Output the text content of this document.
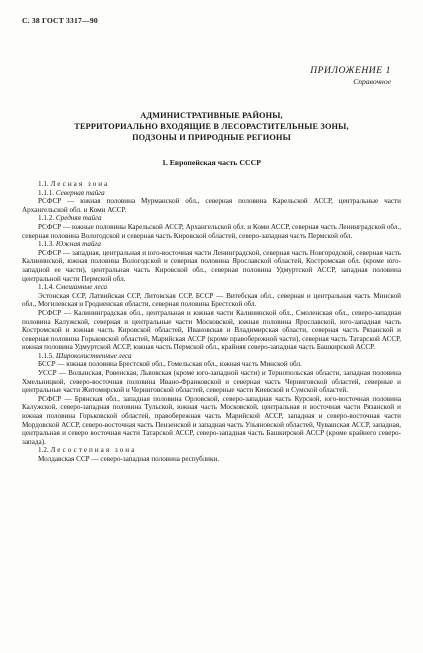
С. 38 ГОСТ 3317—90
ПРИЛОЖЕНИЕ 1
Справочное
АДМИНИСТРАТИВНЫЕ РАЙОНЫ,
ТЕРРИТОРИАЛЬНО ВХОДЯЩИЕ В ЛЕСОРАСТИТЕЛЬНЫЕ ЗОНЫ,
ПОДЗОНЫ И ПРИРОДНЫЕ РЕГИОНЫ
1. Европейская часть СССР

1.1. Лесная зона

1.1.1. Северная тайга

РСФСР — южная половина Мурманской обл., северная половина Карельской АССР, центральные части Архангельской обл. и Коми АССР.

1.1.2. Средняя тайга

РСФСР — южные половины Карельской АССР, Архангельской обл. и Коми АССР, северная часть Ленинградской обл., северная половина Вологодской и северная часть Кировской областей, северо-западная часть Пермской обл.

1.1.3. Южная тайга

РСФСР — западная, центральная и юго-восточная части Ленинградской, северная часть Новгородской, северная часть Калининской, южная половина Вологодской и северная половина Ярославской областей, Костромская обл. (кроме юго-западной ее части), центральная часть Кировской обл., северная половина Удмуртской АССР, западная половина центральной части Пермской обл.

1.1.4. Смешанные леса

Эстонская ССР, Латвийская ССР, Литовская ССР, БССР — Витебская обл., северная и центральная часть Минской обл., Могилевская и Гродненская области, северная половина Брестской обл.

РСФСР — Калининградская обл., центральная и южная части Калининской обл., Смоленская обл., северо-западная половина Калужской, северная и центральные части Московской, южная половина Ярославской, юго-западная часть Костромской и южная часть Кировской областей, Ивановская и Владимирская области, северная часть Рязанской и северная половина Горьковской областей, Марийская АССР (кроме правобережной части), северная часть Татарской АССР, южная половина Удмуртской АССР, южная часть Пермской обл., крайняя северо-западная часть Башкирской АССР.

1.1.5. Широколиственные леса

БССР — южная половина Брестской обл., Гомельская обл., южная часть Минской обл.

УССР — Волынская, Ровенская, Львовская (кроме юго-западной части) и Тернопольская области, западная половина Хмельницкой, северо-восточная половина Ивано-Франковской и северная часть Черниговской областей, северные и центральные части Житомирской и Черниговской областей, северные части Киевской и Сумской областей.

РСФСР — Брянская обл., западная половина Орловской, северо-западная часть Курской, юго-восточная половина Калужской, северо-западная половина Тульской, южная часть Московской, центральная и восточная части Рязанской и южная половина Горьковской областей, правобережная часть Марийской АССР, западная и северо-восточная части Мордовской АССР, северо-восточная часть Пензенской и западная часть Ульяновской областей, Чувашская АССР, западная, центральная и северо восточная части Татарской АССР, северо-западная часть Башкирской АССР (кроме крайнего северо-запада).

1.2. Лесостепная зона

Молдавская ССР — северо-западная половина республики.
